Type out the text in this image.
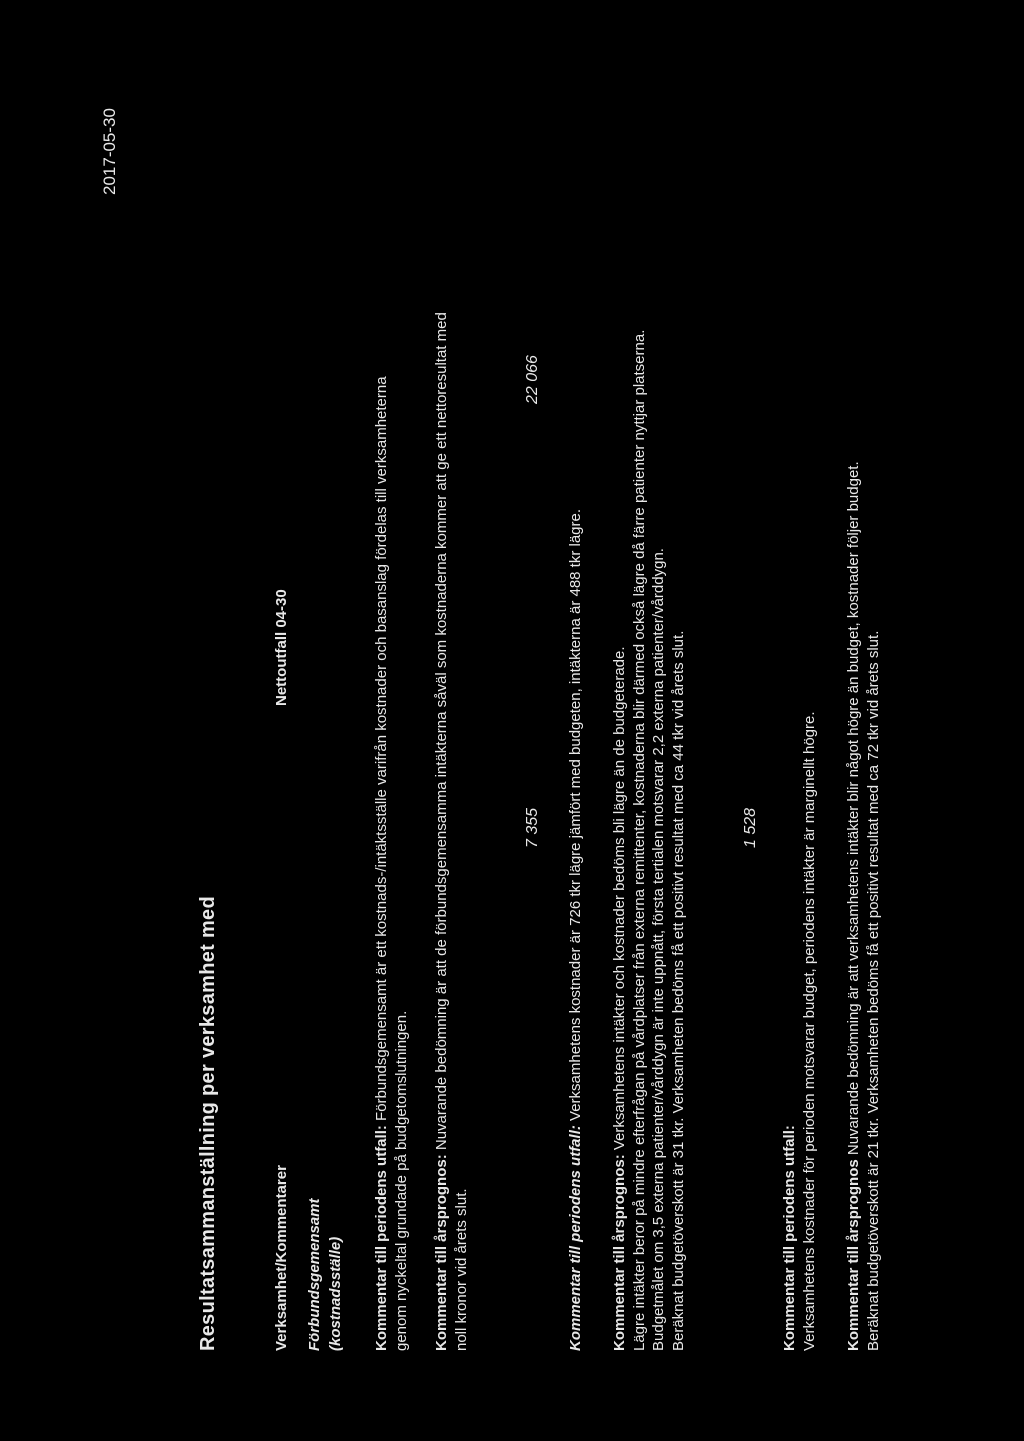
2017-05-30
Resultatsammanställning per verksamhet med	Verksamhet/Kommentarer
Nettoutfall 04-30
Förbundsgemensamt (kostnadsställe) Kommentar till periodens utfall: Förbundsgemensamt är ett kostnads-/intäktsställe varifrån kostnader och basanslag fördelas till verksamheterna
genom nyckeltal grundade på budgetomslutningen. Kommentar till årsprognos: Nuvarande bedömning är att de förbundsgemensamma intäkterna såväl som kostnaderna kommer att ge ett nettoresultat med
noll kronor vid årets slut.
7 355
22 066
Kommentar till periodens utfall: Verksamhetens kostnader är 726 tkr lägre jämfört med budgeten, intäkterna är 488 tkr lägre.
Kommentar till årsprognos: Verksamhetens intäkter och kostnader bedöms bli lägre än de budgeterade. Lägre intäkter beror på mindre efterfrågan på vårdplatser från externa remittenter, kostnaderna blir därmed också lägre då färre patienter nyttjar platserna. Budgetmålet om 3,5 externa patienter/vårddygn är inte uppnått, första tertialen motsvarar 2,2 externa patienter/vårddygn. Beräknat budgetöverskott är 31 tkr. Verksamheten bedöms få ett positivt resultat med ca 44 tkr vid årets slut.	1 528
Kommentar till periodens utfall: Verksamhetens kostnader för perioden motsvarar budget, periodens intäkter är marginellt högre. Kommentar till årsprognos Nuvarande bedömning är att verksamhetens intäkter blir något högre än budget, kostnader följer budget. Beräknat budgetöverskott är 21 tkr. Verksamheten bedöms få ett positivt resultat med ca 72 tkr vid årets slut.
